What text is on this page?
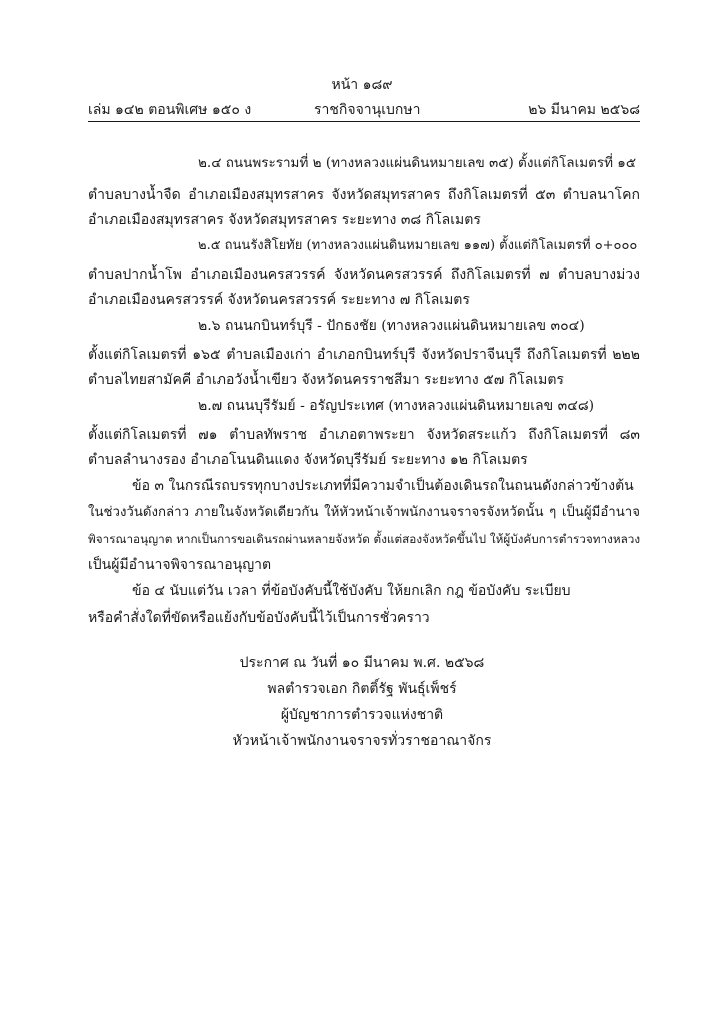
หน้า ๑๘๙
เล่ม ๑๔๒ ตอนพิเศษ ๑๕๐ ง	ราชกิจจานุเบกษา	๒๖ มีนาคม ๒๕๖๘
๒.๔ ถนนพระรามที่ ๒ (ทางหลวงแผ่นดินหมายเลข ๓๕) ตั้งแต่กิโลเมตรที่ ๑๕
ตำบลบางน้ำจืด อำเภอเมืองสมุทรสาคร จังหวัดสมุทรสาคร ถึงกิโลเมตรที่ ๕๓ ตำบลนาโคก
อำเภอเมืองสมุทรสาคร จังหวัดสมุทรสาคร ระยะทาง ๓๘ กิโลเมตร
๒.๕ ถนนรังสิโยทัย (ทางหลวงแผ่นดินหมายเลข ๑๑๗) ตั้งแต่กิโลเมตรที่ ๐+๐๐๐
ตำบลปากน้ำโพ อำเภอเมืองนครสวรรค์ จังหวัดนครสวรรค์ ถึงกิโลเมตรที่ ๗ ตำบลบางม่วง
อำเภอเมืองนครสวรรค์ จังหวัดนครสวรรค์ ระยะทาง ๗ กิโลเมตร
๒.๖ ถนนกบินทร์บุรี - ปักธงชัย (ทางหลวงแผ่นดินหมายเลข ๓๐๔)
ตั้งแต่กิโลเมตรที่ ๑๖๕ ตำบลเมืองเก่า อำเภอกบินทร์บุรี จังหวัดปราจีนบุรี ถึงกิโลเมตรที่ ๒๒๒
ตำบลไทยสามัคคี อำเภอวังน้ำเขียว จังหวัดนครราชสีมา ระยะทาง ๕๗ กิโลเมตร
๒.๗ ถนนบุรีรัมย์ - อรัญประเทศ (ทางหลวงแผ่นดินหมายเลข ๓๔๘)
ตั้งแต่กิโลเมตรที่ ๗๑ ตำบลทัพราช อำเภอตาพระยา จังหวัดสระแก้ว ถึงกิโลเมตรที่ ๘๓
ตำบลลำนางรอง อำเภอโนนดินแดง จังหวัดบุรีรัมย์ ระยะทาง ๑๒ กิโลเมตร
ข้อ ๓ ในกรณีรถบรรทุกบางประเภทที่มีความจำเป็นต้องเดินรถในถนนดังกล่าวข้างต้น
ในช่วงวันดังกล่าว ภายในจังหวัดเดียวกัน ให้หัวหน้าเจ้าพนักงานจราจรจังหวัดนั้น ๆ เป็นผู้มีอำนาจ
พิจารณาอนุญาต หากเป็นการขอเดินรถผ่านหลายจังหวัด ตั้งแต่สองจังหวัดขึ้นไป ให้ผู้บังคับการตำรวจทางหลวง
เป็นผู้มีอำนาจพิจารณาอนุญาต
ข้อ ๔ นับแต่วัน เวลา ที่ข้อบังคับนี้ใช้บังคับ ให้ยกเลิก กฎ ข้อบังคับ ระเบียบ
หรือคำสั่งใดที่ขัดหรือแย้งกับข้อบังคับนี้ไว้เป็นการชั่วคราว
ประกาศ ณ วันที่ ๑๐ มีนาคม พ.ศ. ๒๕๖๘
พลตำรวจเอก กิตติ์รัฐ พันธุ์เพ็ชร์
ผู้บัญชาการตำรวจแห่งชาติ
หัวหน้าเจ้าพนักงานจราจรทั่วราชอาณาจักร
